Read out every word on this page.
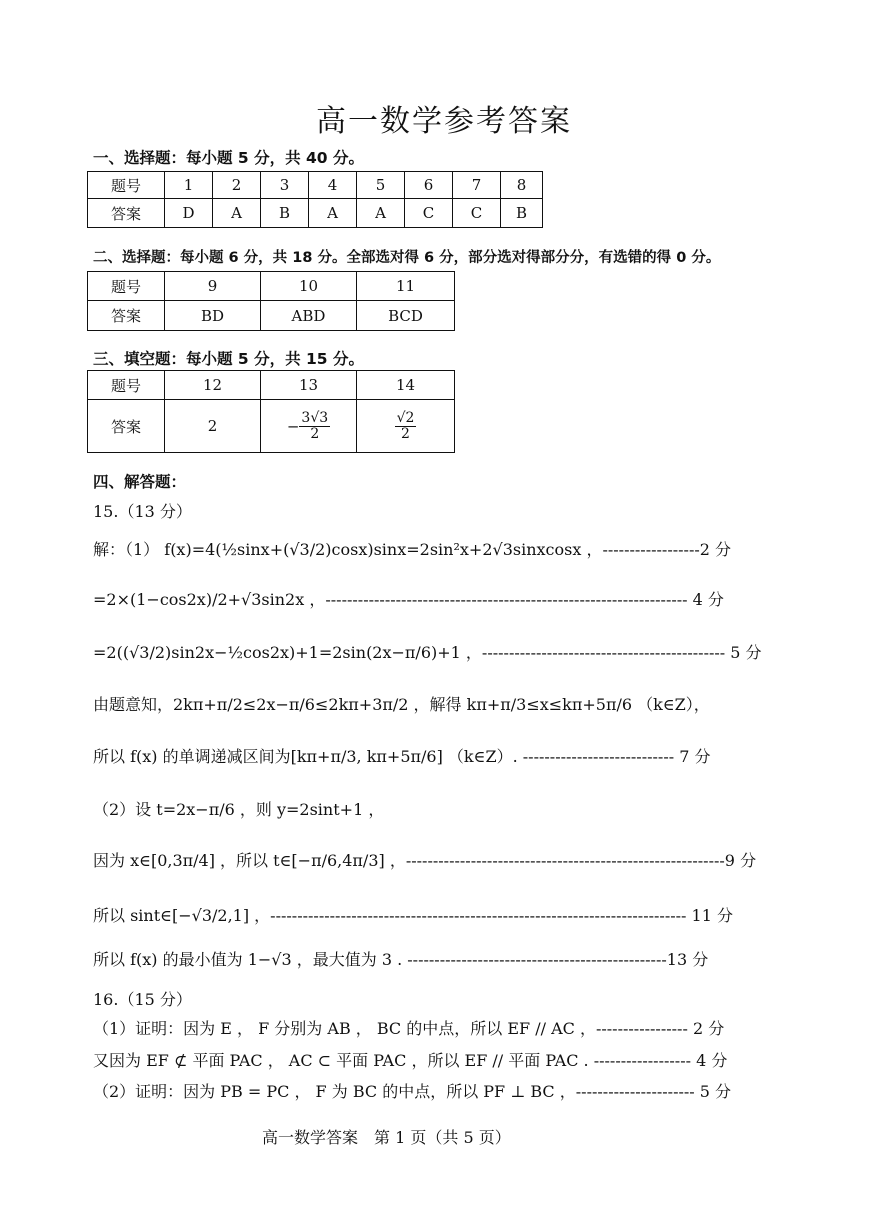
高一数学参考答案
一、选择题：每小题 5 分，共 40 分。
题号	1	2	3	4	5	6	7	8
答案	D	A	B	A	A	C	C	B
二、选择题：每小题 6 分，共 18 分。全部选对得 6 分，部分选对得部分分，有选错的得 0 分。
题号	9	10	11
答案	BD	ABD	BCD
三、填空题：每小题 5 分，共 15 分。
题号	12	13	14
答案	2	− $\frac{3√3}{2}$	$\frac{√2}{2}$
四、解答题：
15.（13 分）
解：（1） f(x)=4(½sinx+(√3/2)cosx)sinx=2sin²x+2√3sinxcosx ，------------------2 分
=2×(1−cos2x)/2+√3sin2x ，------------------------------------------------------------------- 4 分
=2((√3/2)sin2x−½cos2x)+1=2sin(2x−π/6)+1 ，--------------------------------------------- 5 分
由题意知，2kπ+π/2≤2x−π/6≤2kπ+3π/2 ，解得 kπ+π/3≤x≤kπ+5π/6 （k∈Z），
所以 f(x) 的单调递减区间为[kπ+π/3, kπ+5π/6] （k∈Z）. ---------------------------- 7 分
（2）设 t=2x−π/6 ，则 y=2sint+1 ，
因为 x∈[0,3π/4] ，所以 t∈[−π/6,4π/3] ，-----------------------------------------------------------9 分
所以 sint∈[−√3/2,1] ，----------------------------------------------------------------------------- 11 分
所以 f(x) 的最小值为 1−√3 ，最大值为 3 . ------------------------------------------------13 分
16.（15 分）
（1）证明：因为 E ， F 分别为 AB ， BC 的中点，所以 EF // AC ，----------------- 2 分
又因为 EF ⊄ 平面 PAC ， AC ⊂ 平面 PAC ，所以 EF // 平面 PAC . ------------------ 4 分
（2）证明：因为 PB = PC ， F 为 BC 的中点，所以 PF ⊥ BC ，---------------------- 5 分
高一数学答案　第 1 页（共 5 页）
